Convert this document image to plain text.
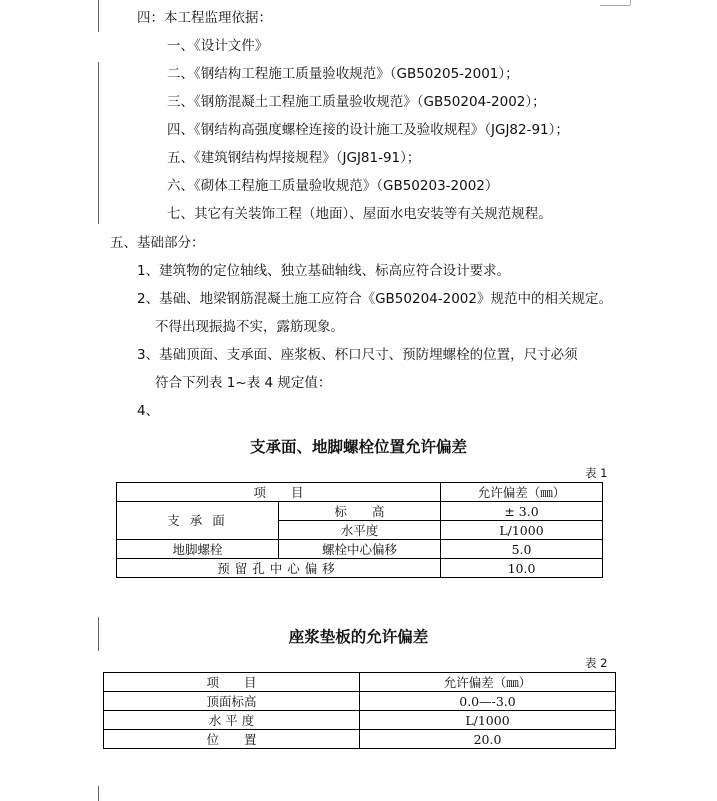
四：本工程监理依据：
一、《设计文件》
二、《钢结构工程施工质量验收规范》（GB50205-2001）；
三、《钢筋混凝土工程施工质量验收规范》（GB50204-2002）；
四、《钢结构高强度螺栓连接的设计施工及验收规程》（JGJ82-91）；
五、《建筑钢结构焊接规程》（JGJ81-91）；
六、《砌体工程施工质量验收规范》（GB50203-2002）
七、其它有关装饰工程（地面）、屋面水电安装等有关规范规程。
五、基础部分：
1、建筑物的定位轴线、独立基础轴线、标高应符合设计要求。
2、基础、地梁钢筋混凝土施工应符合《GB50204-2002》规范中的相关规定。
不得出现振捣不实，露筋现象。
3、基础顶面、支承面、座浆板、杯口尺寸、预防埋螺栓的位置，尺寸必须
符合下列表 1~表 4 规定值：
4、
支承面、地脚螺栓位置允许偏差
表 1
项　　目		允许偏差（㎜）
支 承 面	标　　高	± 3.0
	水平度	L/1000
地脚螺栓	螺栓中心偏移	5.0
预留孔中心偏移		10.0
座浆垫板的允许偏差
表 2
项　　目	允许偏差（㎜）
顶面标高	0.0—-3.0
水 平 度	L/1000
位　　置	20.0
